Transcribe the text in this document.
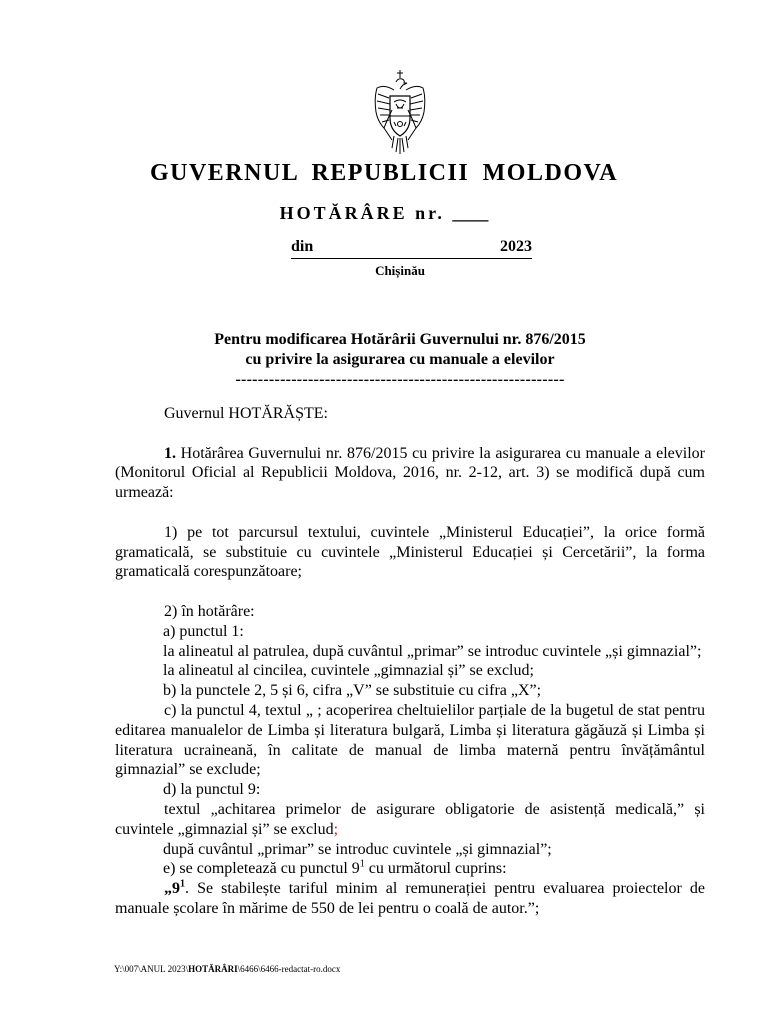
GUVERNUL REPUBLICII MOLDOVA
HOTĂRÂRE nr. ____
din	2023
Chișinău
Pentru modificarea Hotărârii Guvernului nr. 876/2015
cu privire la asigurarea cu manuale a elevilor
-----------------------------------------------------------

Guvernul HOTĂRĂȘTE:

1. Hotărârea Guvernului nr. 876/2015 cu privire la asigurarea cu manuale a elevilor (Monitorul Oficial al Republicii Moldova, 2016, nr. 2-12, art. 3) se modifică după cum urmează:

1) pe tot parcursul textului, cuvintele „Ministerul Educației”, la orice formă gramaticală, se substituie cu cuvintele „Ministerul Educației și Cercetării”, la forma gramaticală corespunzătoare;

2) în hotărâre:

a) punctul 1:

la alineatul al patrulea, după cuvântul „primar” se introduc cuvintele „și gimnazial”;

la alineatul al cincilea, cuvintele „gimnazial și” se exclud;

b) la punctele 2, 5 și 6, cifra „V” se substituie cu cifra „X”;

c) la punctul 4, textul „ ; acoperirea cheltuielilor parțiale de la bugetul de stat pentru editarea manualelor de Limba și literatura bulgară, Limba și literatura găgăuză și Limba și literatura ucraineană, în calitate de manual de limba maternă pentru învățământul gimnazial” se exclude;

d) la punctul 9:

textul „achitarea primelor de asigurare obligatorie de asistență medicală,” și cuvintele „gimnazial și” se exclud;

după cuvântul „primar” se introduc cuvintele „și gimnazial”;

e) se completează cu punctul $9^1$ cu următorul cuprins:

$„9^1$. Se stabilește tariful minim al remunerației pentru evaluarea proiectelor de manuale școlare în mărime de 550 de lei pentru o coală de autor.”;

Y:\007\ANUL 2023\HOTĂRÂRI\6466\6466-redactat-ro.docx
